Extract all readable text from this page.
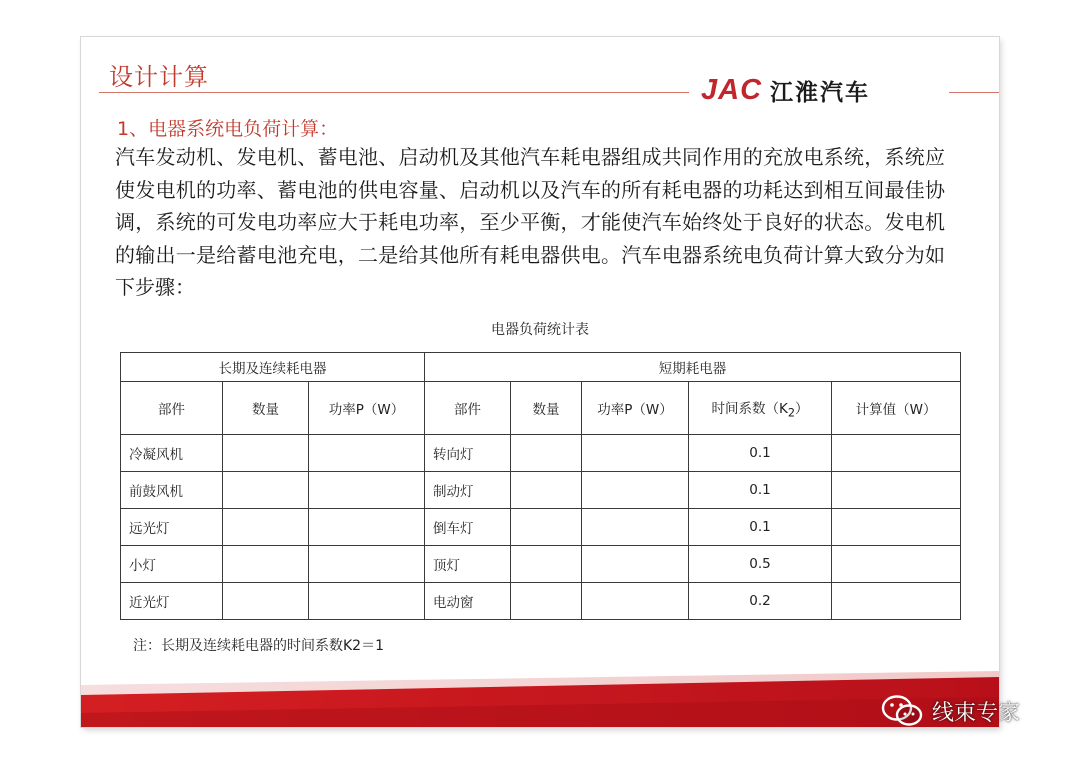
设计计算	JAC 江淮汽车
1、电器系统电负荷计算：
汽车发动机、发电机、蓄电池、启动机及其他汽车耗电器组成共同作用的充放电系统，系统应使发电机的功率、蓄电池的供电容量、启动机以及汽车的所有耗电器的功耗达到相互间最佳协调，系统的可发电功率应大于耗电功率，至少平衡，才能使汽车始终处于良好的状态。发电机的输出一是给蓄电池充电，二是给其他所有耗电器供电。汽车电器系统电负荷计算大致分为如下步骤：
电器负荷统计表
长期及连续耗电器			短期耗电器				
部件	数量	功率P（W）	部件	数量	功率P（W）	时间系数$(K_2)$	计算值（W）
冷凝风机			转向灯			0.1	
前鼓风机			制动灯			0.1	
远光灯			倒车灯			0.1	
小灯			顶灯			0.5	
近光灯			电动窗			0.2	
注：长期及连续耗电器的时间系数K2＝1
线束专家
